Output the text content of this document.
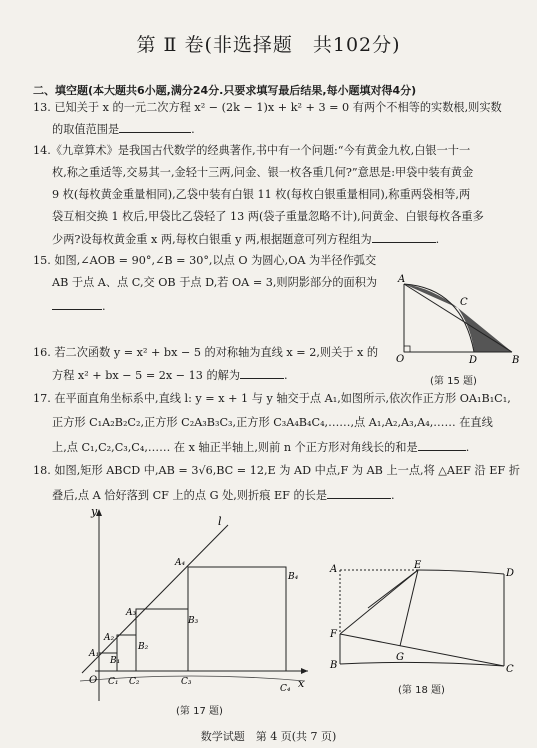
第 Ⅱ 卷(非选择题　共102分)
二、填空题(本大题共6小题,满分24分.只要求填写最后结果,每小题填对得4分)
13. 已知关于 x 的一元二次方程 x² − (2k − 1)x + k² + 3 = 0 有两个不相等的实数根,则实数
的取值范围是	.
14.《九章算术》是我国古代数学的经典著作,书中有一个问题:“今有黄金九枚,白银一十一
枚,称之重适等,交易其一,金轻十三两,问金、银一枚各重几何?”意思是:甲袋中装有黄金
9 枚(每枚黄金重量相同),乙袋中装有白银 11 枚(每枚白银重量相同),称重两袋相等,两
袋互相交换 1 枚后,甲袋比乙袋轻了 13 两(袋子重量忽略不计),问黄金、白银每枚各重多
少两?设每枚黄金重 x 两,每枚白银重 y 两,根据题意可列方程组为	.
15. 如图,∠AOB = 90°,∠B = 30°,以点 O 为圆心,OA 为半径作弧交
AB 于点 A、点 C,交 OB 于点 D,若 OA = 3,则阴影部分的面积为
.
A
C
O	D	B
(第 15 题)
16. 若二次函数 y = x² + bx − 5 的对称轴为直线 x = 2,则关于 x 的
方程 x² + bx − 5 = 2x − 13 的解为	.
17. 在平面直角坐标系中,直线 l: y = x + 1 与 y 轴交于点 A₁,如图所示,依次作正方形 OA₁B₁C₁,
正方形 C₁A₂B₂C₂,正方形 C₂A₃B₃C₃,正方形 C₃A₄B₄C₄,……,点 A₁,A₂,A₃,A₄,…… 在直线
上,点 C₁,C₂,C₃,C₄,…… 在 x 轴正半轴上,则前 n 个正方形对角线长的和是	.
18. 如图,矩形 ABCD 中,AB = 3√6,BC = 12,E 为 AD 中点,F 为 AB 上一点,将 △AEF 沿 EF 折
叠后,点 A 恰好落到 CF 上的点 G 处,则折痕 EF 的长是	.
y
x
l
O
A₁
A₂
A₃
A₄
B₁
B₂
B₃
B₄
C₁ C₂	C₃
C₄
(第 17 题)
A	E
D
F
G
B	C
(第 18 题)
数学试题　第 4 页(共 7 页)
